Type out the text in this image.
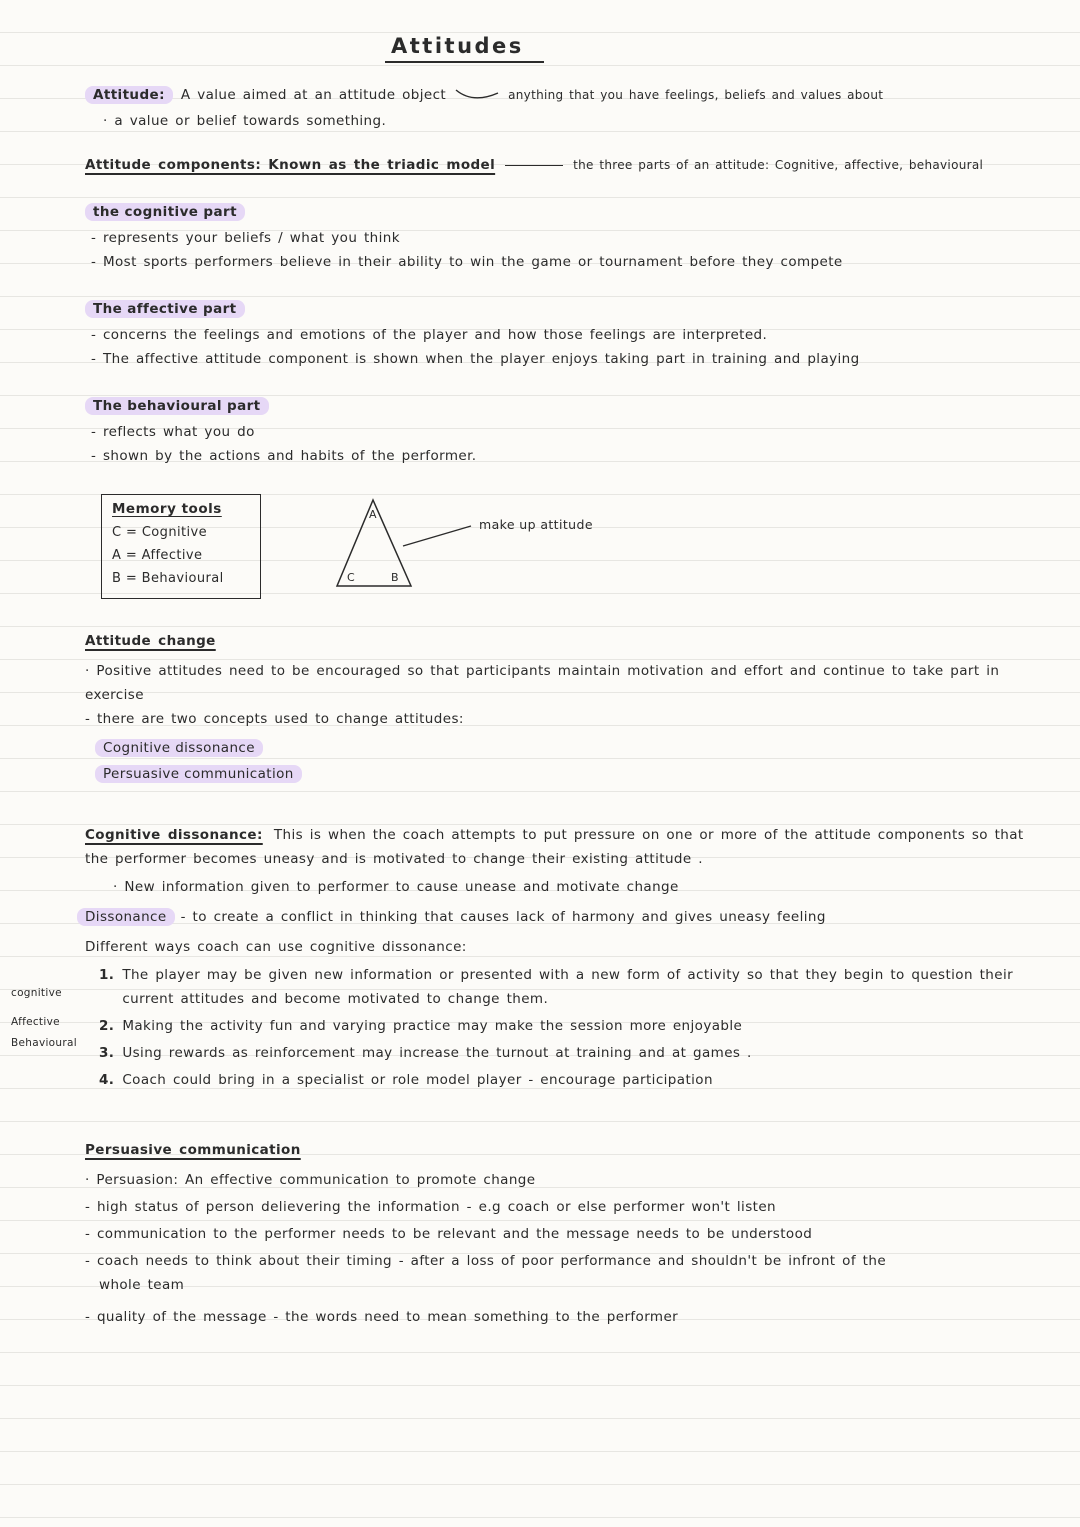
Attitudes
Attitude:	A value aimed at an attitude object	anything that you have feelings, beliefs and values about
· a value or belief towards something.
Attitude components: Known as the triadic model	the three parts of an attitude: Cognitive, affective, behavioural
the cognitive part
- represents your beliefs / what you think
- Most sports performers believe in their ability to win the game or tournament before they compete
The affective part
- concerns the feelings and emotions of the player and how those feelings are interpreted.
- The affective attitude component is shown when the player enjoys taking part in training and playing
The behavioural part
- reflects what you do
- shown by the actions and habits of the performer.
Memory tools
C = Cognitive
A = Affective
B = Behavioural
A
C	B
make up attitude
Attitude change
· Positive attitudes need to be encouraged so that participants maintain motivation and effort and continue to take part in exercise
- there are two concepts used to change attitudes:
Cognitive dissonance
Persuasive communication
Cognitive dissonance: This is when the coach attempts to put pressure on one or more of the attitude components so that the performer becomes uneasy and is motivated to change their existing attitude .
· New information given to performer to cause unease and motivate change
Dissonance	- to create a conflict in thinking that causes lack of harmony and gives uneasy feeling
Different ways coach can use cognitive dissonance:
cognitive
1. The player may be given new information or presented with a new form of activity so that they begin to question their current attitudes and become motivated to change them.
Affective	2. Making the activity fun and varying practice may make the session more enjoyable
Behavioural
3. Using rewards as reinforcement may increase the turnout at training and at games .
4. Coach could bring in a specialist or role model player - encourage participation
Persuasive communication
· Persuasion: An effective communication to promote change
- high status of person delievering the information - e.g coach or else performer won't listen
- communication to the performer needs to be relevant and the message needs to be understood
- coach needs to think about their timing - after a loss of poor performance and shouldn't be infront of the whole team
- quality of the message - the words need to mean something to the performer
